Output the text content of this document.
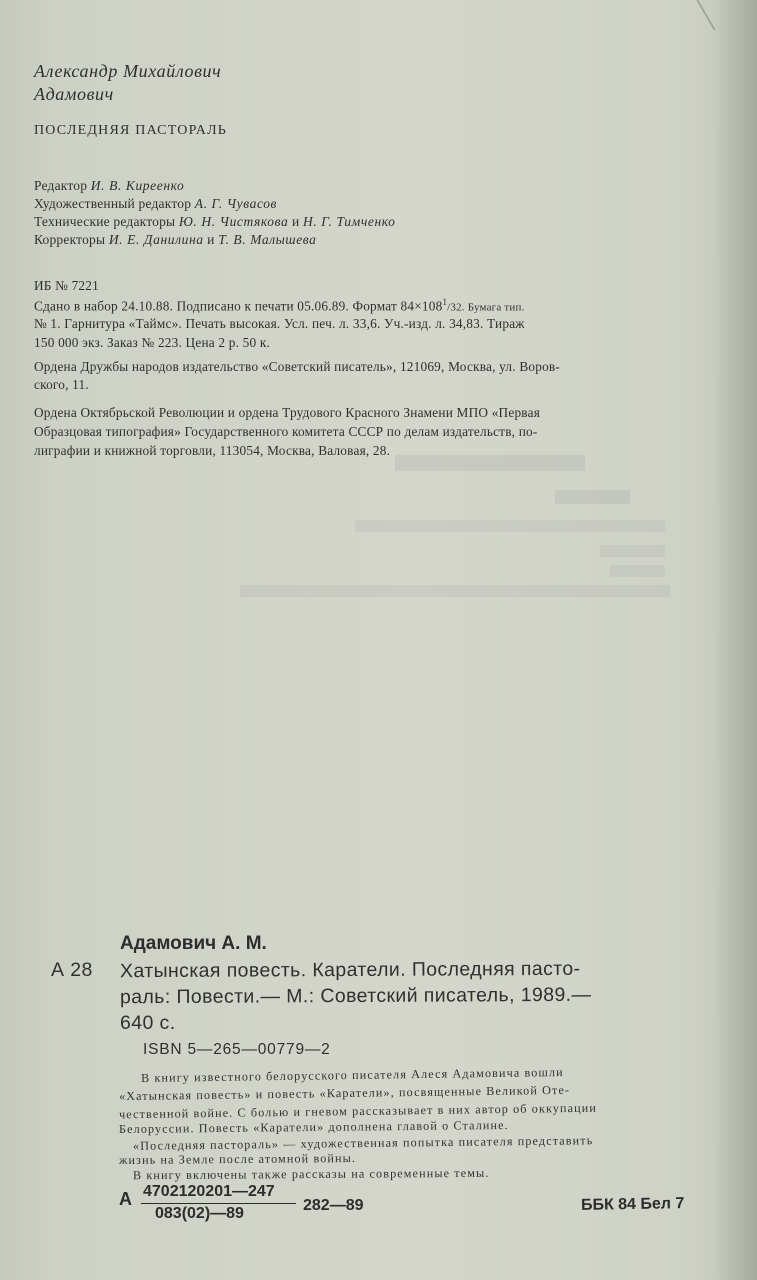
Александр Михайлович
Адамович
ПОСЛЕДНЯЯ ПАСТОРАЛЬ
Редактор И. В. Киреенко
Художественный редактор А. Г. Чувасов
Технические редакторы Ю. Н. Чистякова и Н. Г. Тимченко
Корректоры И. Е. Данилина и Т. В. Малышева
ИБ № 7221
Сдано в набор 24.10.88. Подписано к печати 05.06.89. Формат $84\times 108^1/32$. Бумага тип.
№ 1. Гарнитура «Таймс». Печать высокая. Усл. печ. л. 33,6. Уч.-изд. л. 34,83. Тираж
150 000 экз. Заказ № 223. Цена 2 р. 50 к.
Ордена Дружбы народов издательство «Советский писатель», 121069, Москва, ул. Воров-
ского, 11.
Ордена Октябрьской Революции и ордена Трудового Красного Знамени МПО «Первая
Образцовая типография» Государственного комитета СССР по делам издательств, по-
лиграфии и книжной торговли, 113054, Москва, Валовая, 28.
Адамович А. М.
А 28 Хатынская повесть. Каратели. Последняя пасто-
раль: Повести.— М.: Советский писатель, 1989.—
640 с.
ISBN 5—265—00779—2
В книгу известного белорусского писателя Алеся Адамовича вошли
«Хатынская повесть» и повесть «Каратели», посвященные Великой Оте-
чественной войне. С болью и гневом рассказывает в них автор об оккупации
Белоруссии. Повесть «Каратели» дополнена главой о Сталине.
«Последняя пастораль» — художественная попытка писателя представить
жизнь на Земле после атомной войны.
В книгу включены также рассказы на современные темы.
А 4702120201—247
083(02)—89	282—89	ББК 84 Бел 7
